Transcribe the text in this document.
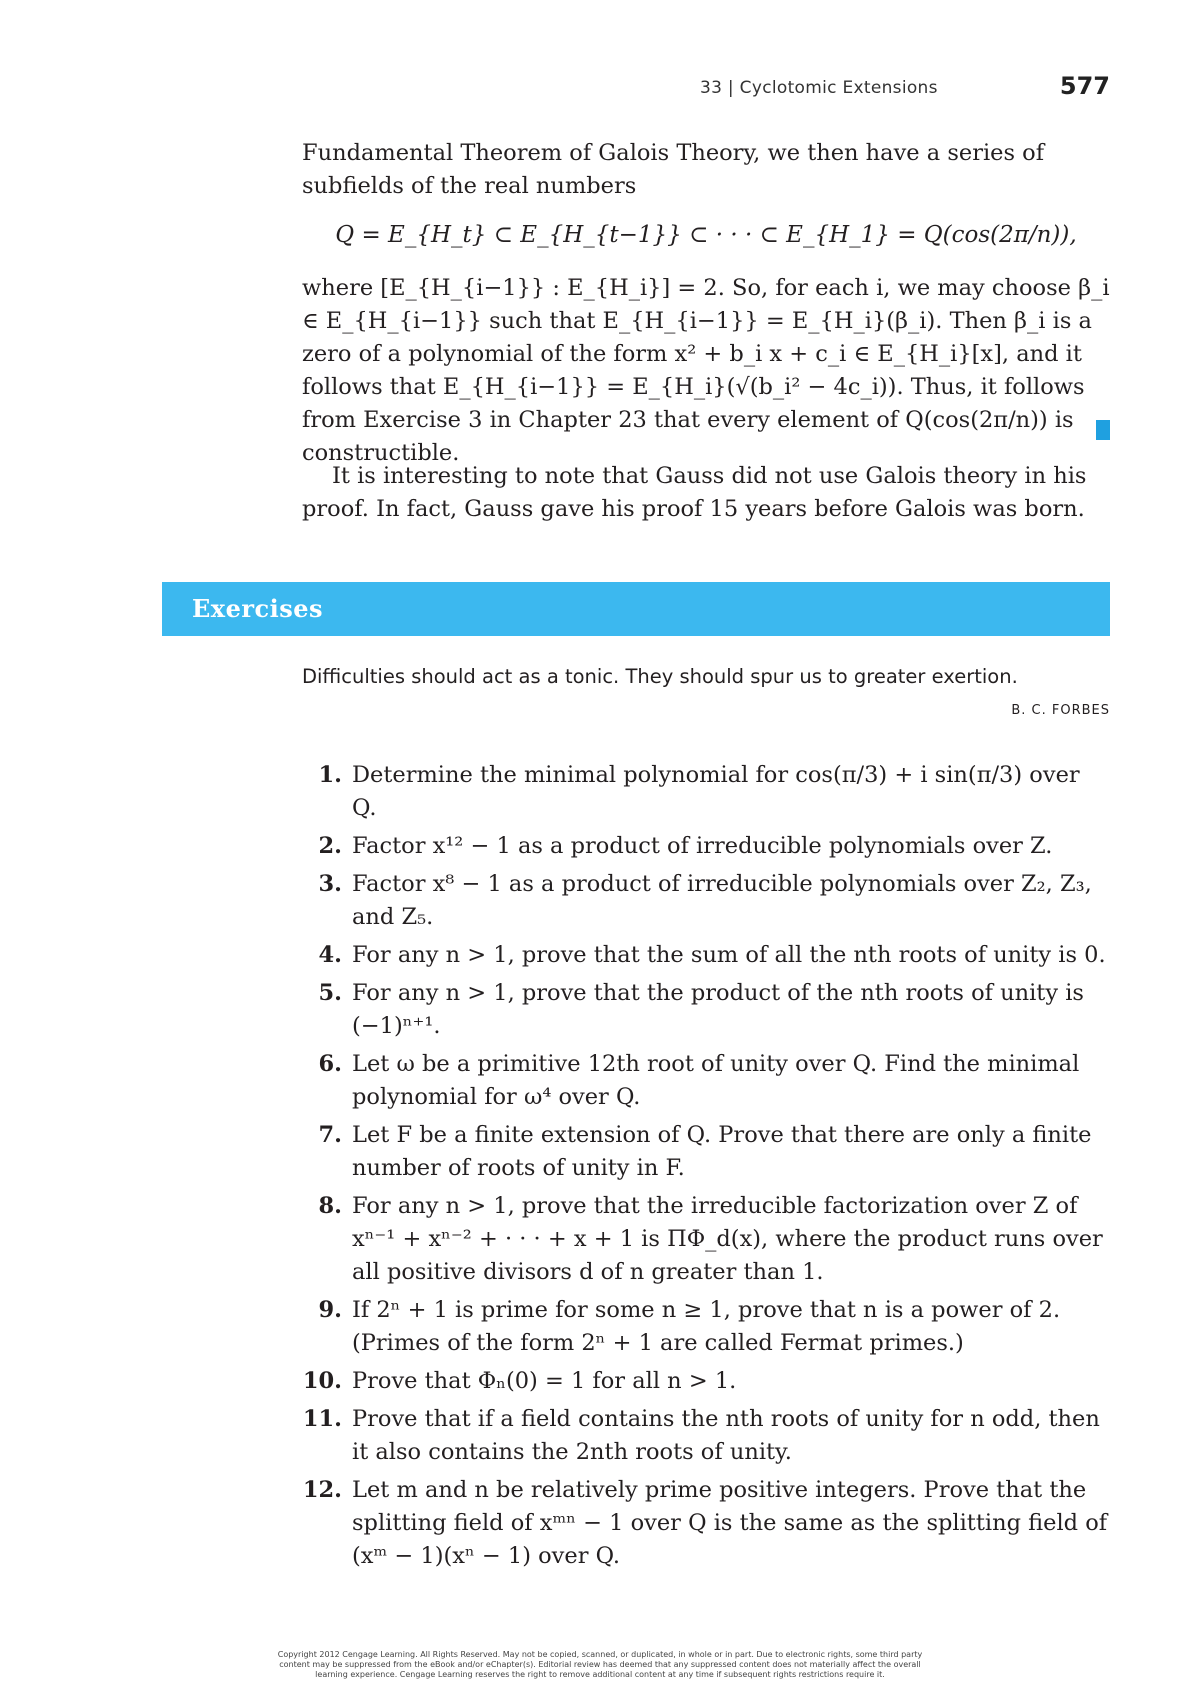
33 | Cyclotomic Extensions	577
Fundamental Theorem of Galois Theory, we then have a series of subfields of the real numbers
Q = E_{H_t} ⊂ E_{H_{t−1}} ⊂ · · · ⊂ E_{H_1} = Q(cos(2π/n)),
where [E_{H_{i−1}} : E_{H_i}] = 2. So, for each i, we may choose β_i ∈ E_{H_{i−1}} such that E_{H_{i−1}} = E_{H_i}(β_i). Then β_i is a zero of a polynomial of the form x² + b_i x + c_i ∈ E_{H_i}[x], and it follows that E_{H_{i−1}} = E_{H_i}(√(b_i² − 4c_i)). Thus, it follows from Exercise 3 in Chapter 23 that every element of Q(cos(2π/n)) is constructible.
It is interesting to note that Gauss did not use Galois theory in his proof. In fact, Gauss gave his proof 15 years before Galois was born.
Exercises
Difficulties should act as a tonic. They should spur us to greater exertion.
B. C. FORBES
1. Determine the minimal polynomial for cos(π/3) + i sin(π/3) over Q.
2. Factor x¹² − 1 as a product of irreducible polynomials over Z.
3. Factor x⁸ − 1 as a product of irreducible polynomials over Z₂, Z₃, and Z₅.
4. For any n > 1, prove that the sum of all the nth roots of unity is 0.
5. For any n > 1, prove that the product of the nth roots of unity is (−1)ⁿ⁺¹.
6. Let ω be a primitive 12th root of unity over Q. Find the minimal polynomial for ω⁴ over Q.
7. Let F be a finite extension of Q. Prove that there are only a finite number of roots of unity in F.
8. For any n > 1, prove that the irreducible factorization over Z of xⁿ⁻¹ + xⁿ⁻² + · · · + x + 1 is ΠΦ_d(x), where the product runs over all positive divisors d of n greater than 1.
9. If 2ⁿ + 1 is prime for some n ≥ 1, prove that n is a power of 2. (Primes of the form 2ⁿ + 1 are called Fermat primes.)
10. Prove that Φₙ(0) = 1 for all n > 1.
11. Prove that if a field contains the nth roots of unity for n odd, then it also contains the 2nth roots of unity.
12. Let m and n be relatively prime positive integers. Prove that the splitting field of xᵐⁿ − 1 over Q is the same as the splitting field of (xᵐ − 1)(xⁿ − 1) over Q.
Copyright 2012 Cengage Learning. All Rights Reserved. May not be copied, scanned, or duplicated, in whole or in part. Due to electronic rights, some third party content may be suppressed from the eBook and/or eChapter(s). Editorial review has deemed that any suppressed content does not materially affect the overall learning experience. Cengage Learning reserves the right to remove additional content at any time if subsequent rights restrictions require it.
